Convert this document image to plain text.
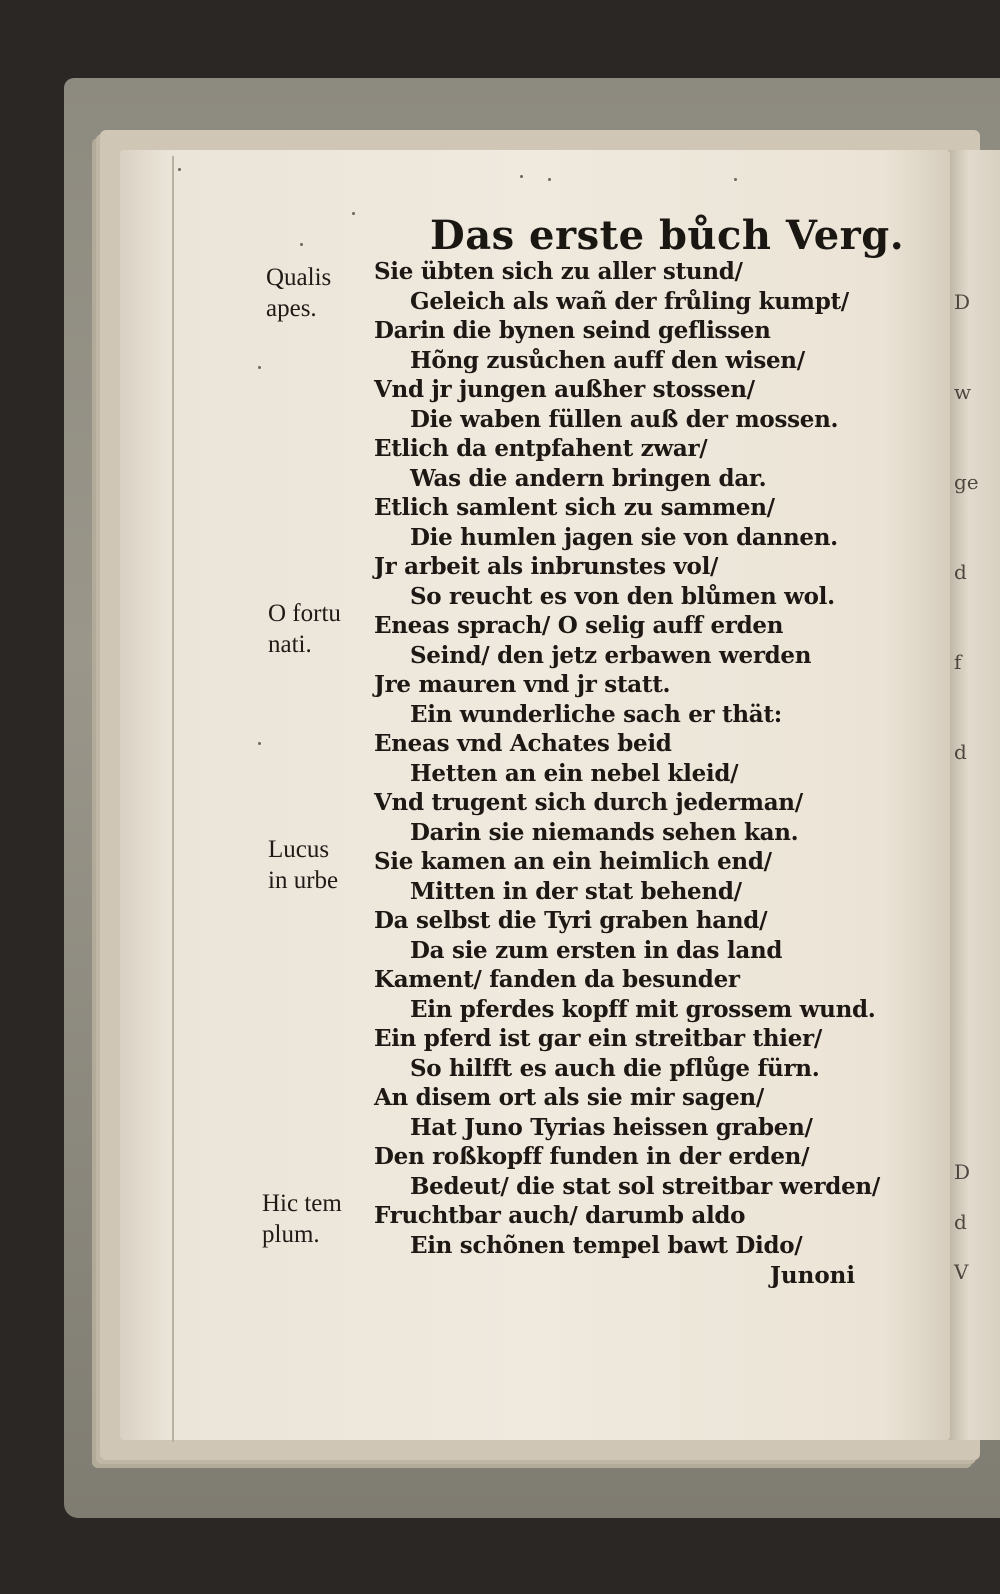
D
w
ge
d
f
d
D
d
V
Das erste bůch Verg.
Qualis
apes.
O fortu
nati.
Lucus
in urbe
Hic tem
plum.
Sie übten sich zu aller stund/
Geleich als wañ der frůling kumpt/
Darin die bynen seind geflissen
Hõng zusůchen auff den wisen/
Vnd jr jungen außher stossen/
Die waben füllen auß der mossen.
Etlich da entpfahent zwar/
Was die andern bringen dar.
Etlich samlent sich zu sammen/
Die humlen jagen sie von dannen.
Jr arbeit als inbrunstes vol/
So reucht es von den blůmen wol.
Eneas sprach/ O selig auff erden
Seind/ den jetz erbawen werden
Jre mauren vnd jr statt.
Ein wunderliche sach er thät:
Eneas vnd Achates beid
Hetten an ein nebel kleid/
Vnd trugent sich durch jederman/
Darin sie niemands sehen kan.
Sie kamen an ein heimlich end/
Mitten in der stat behend/
Da selbst die Tyri graben hand/
Da sie zum ersten in das land
Kament/ fanden da besunder
Ein pferdes kopff mit grossem wund.
Ein pferd ist gar ein streitbar thier/
So hilfft es auch die pflůge fürn.
An disem ort als sie mir sagen/
Hat Juno Tyrias heissen graben/
Den roßkopff funden in der erden/
Bedeut/ die stat sol streitbar werden/
Fruchtbar auch/ darumb aldo
Ein schõnen tempel bawt Dido/
Junoni
